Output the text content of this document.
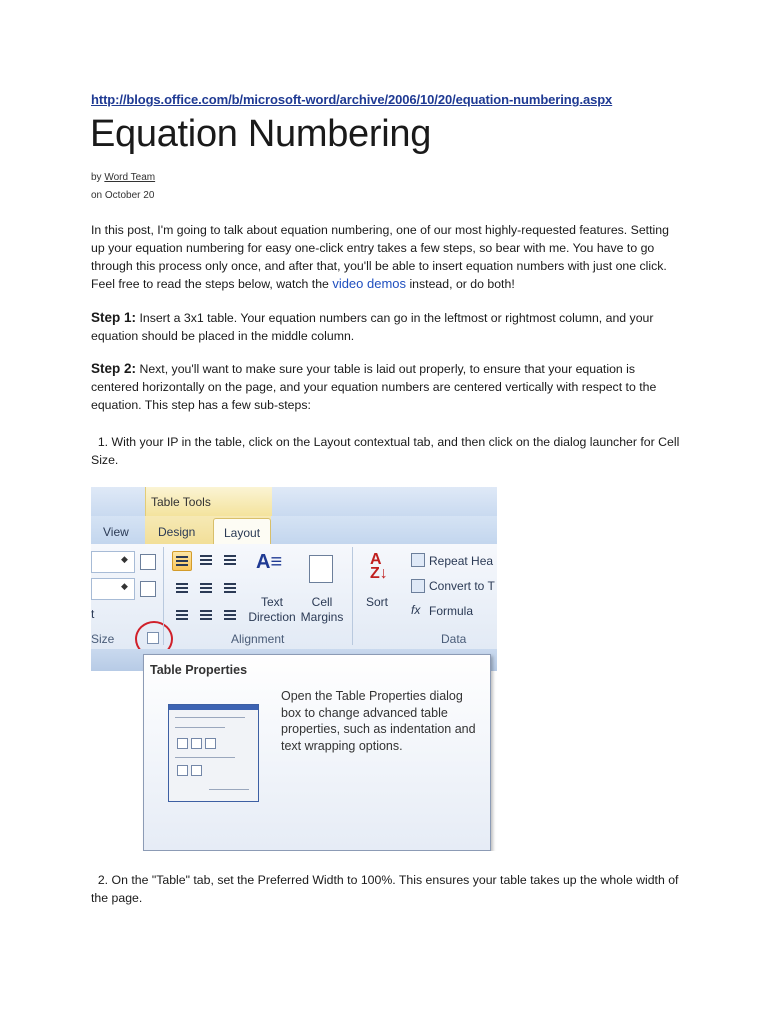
http://blogs.office.com/b/microsoft-word/archive/2006/10/20/equation-numbering.aspx
Equation Numbering
by Word Team
on October 20
In this post, I'm going to talk about equation numbering, one of our most highly-requested features. Setting up your equation numbering for easy one-click entry takes a few steps, so bear with me. You have to go through this process only once, and after that, you'll be able to insert equation numbers with just one click. Feel free to read the steps below, watch the video demos instead, or do both!
Step 1: Insert a 3x1 table. Your equation numbers can go in the leftmost or rightmost column, and your equation should be placed in the middle column.
Step 2: Next, you'll want to make sure your table is laid out properly, to ensure that your equation is centered horizontally on the page, and your equation numbers are centered vertically with respect to the equation. This step has a few sub-steps:
1. With your IP in the table, click on the Layout contextual tab, and then click on the dialog launcher for Cell Size.
Table Tools
View Design Layout
◆
◆
t
Size
A≡
Text
Direction
Cell
Margins
Alignment
A
Z↓
Sort
Repeat Hea
Convert to T
fx Formula
Data
Table Properties
Open the Table Properties dialog box to change advanced table properties, such as indentation and text wrapping options.
2. On the "Table" tab, set the Preferred Width to 100%. This ensures your table takes up the whole width of the page.
